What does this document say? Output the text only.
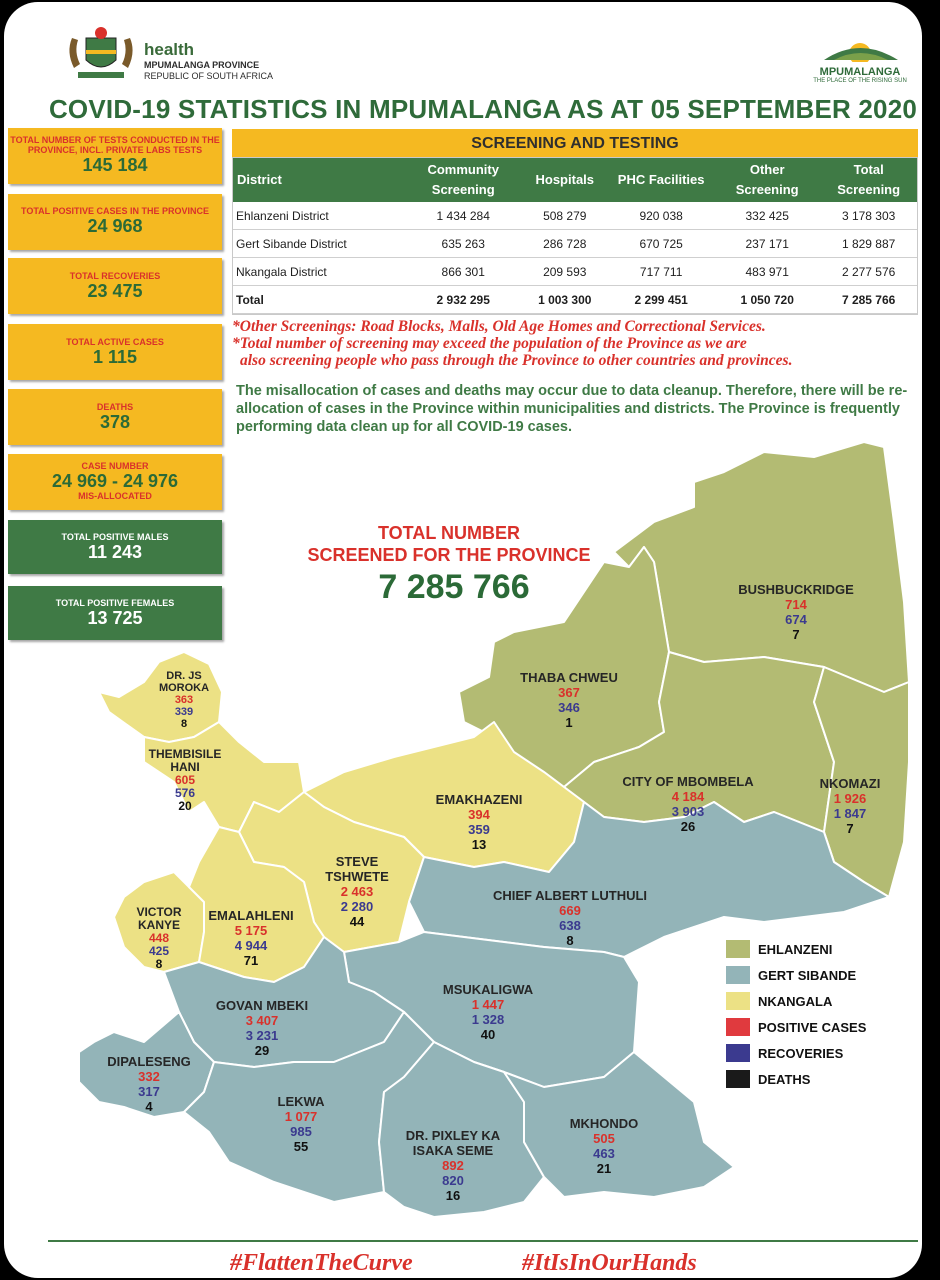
health
MPUMALANGA PROVINCE
REPUBLIC OF SOUTH AFRICA	MPUMALANGA
THE PLACE OF THE RISING SUN
COVID-19 STATISTICS IN MPUMALANGA AS AT 05 SEPTEMBER 2020
TOTAL NUMBER OF TESTS CONDUCTED IN THE PROVINCE, INCL. PRIVATE LABS TESTS
145 184
TOTAL POSITIVE CASES IN THE PROVINCE
24 968
TOTAL RECOVERIES
23 475
TOTAL ACTIVE CASES
1 115
DEATHS
378
CASE NUMBER
24 969 - 24 976
MIS-ALLOCATED
TOTAL POSITIVE MALES
11 243
TOTAL POSITIVE FEMALES
13 725
SCREENING AND TESTING
District	Community Screening	Hospitals	PHC Facilities	Other Screening	Total Screening
Ehlanzeni District	1 434 284	508 279	920 038	332 425	3 178 303
Gert Sibande District	635 263	286 728	670 725	237 171	1 829 887
Nkangala District	866 301	209 593	717 711	483 971	2 277 576
Total	2 932 295	1 003 300	2 299 451	1 050 720	7 285 766
*Other Screenings: Road Blocks, Malls, Old Age Homes and Correctional Services.
*Total number of screening may exceed the population of the Province as we are
also screening people who pass through the Province to other countries and provinces.
The misallocation of cases and deaths may occur due to data cleanup. Therefore, there will be re-allocation of cases in the Province within municipalities and districts. The Province is frequently performing data clean up for all COVID-19 cases.
TOTAL NUMBER
SCREENED FOR THE PROVINCE
7 285 766
DR. JS MOROKA
363
339
8
THEMBISILE HANI
605
576
20
THABA CHWEU
367
346
1
BUSHBUCKRIDGE
714
674
7
EMAKHAZENI
394
359
13
CITY OF MBOMBELA
4 184
3 903
26
NKOMAZI
1 926
1 847
7
STEVE TSHWETE
2 463
2 280
44
CHIEF ALBERT LUTHULI
669
638
8
VICTOR KANYE
448
425
8
EMALAHLENI
5 175
4 944
71
GOVAN MBEKI
3 407
3 231
29
MSUKALIGWA
1 447
1 328
40
DIPALESENG
332
317
4	LEKWA
1 077
985
55
DR. PIXLEY KA ISAKA SEME
892
820
16
MKHONDO
505
463
21
EHLANZENI
GERT SIBANDE
NKANGALA
POSITIVE CASES
RECOVERIES
DEATHS
#FlattenTheCurve	#ItIsInOurHands
